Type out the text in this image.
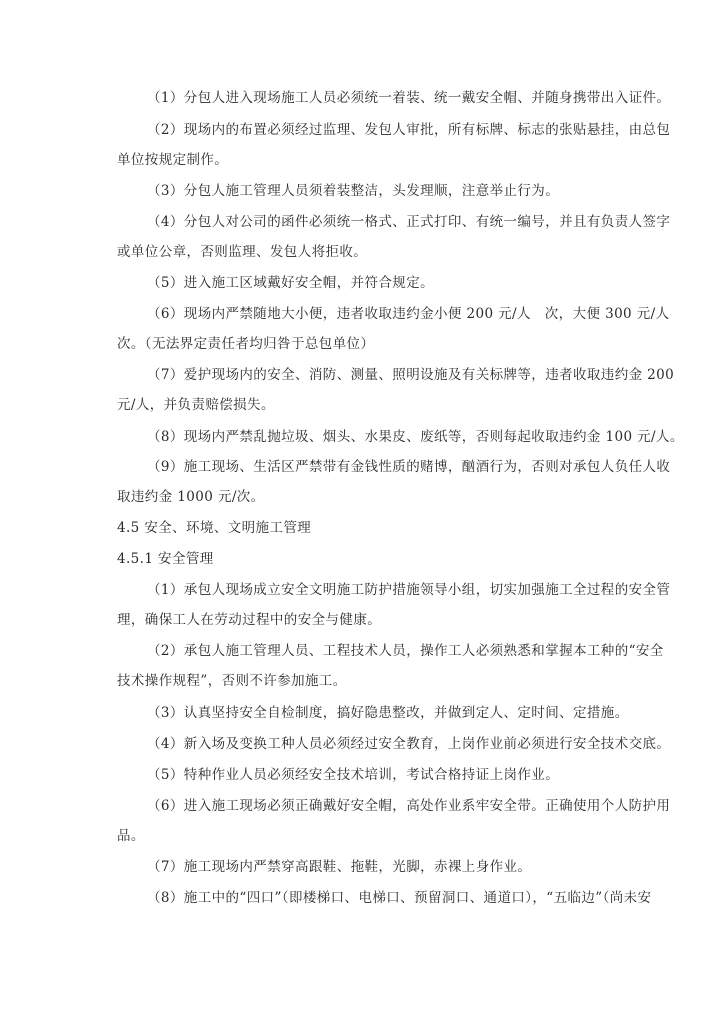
（1）分包人进入现场施工人员必须统一着装、统一戴安全帽、并随身携带出入证件。
（2）现场内的布置必须经过监理、发包人审批，所有标牌、标志的张贴悬挂，由总包
单位按规定制作。
（3）分包人施工管理人员须着装整洁，头发理顺，注意举止行为。
（4）分包人对公司的函件必须统一格式、正式打印、有统一编号，并且有负责人签字
或单位公章，否则监理、发包人将拒收。
（5）进入施工区域戴好安全帽，并符合规定。
（6）现场内严禁随地大小便，违者收取违约金小便 200 元/人　次，大便 300 元/人
次。（无法界定责任者均归咎于总包单位）
（7）爱护现场内的安全、消防、测量、照明设施及有关标牌等，违者收取违约金 200
元/人，并负责赔偿损失。
（8）现场内严禁乱抛垃圾、烟头、水果皮、废纸等，否则每起收取违约金 100 元/人。
（9）施工现场、生活区严禁带有金钱性质的赌博，酗酒行为，否则对承包人负任人收
取违约金 1000 元/次。
4.5 安全、环境、文明施工管理
4.5.1 安全管理
（1）承包人现场成立安全文明施工防护措施领导小组，切实加强施工全过程的安全管
理，确保工人在劳动过程中的安全与健康。
（2）承包人施工管理人员、工程技术人员，操作工人必须熟悉和掌握本工种的“安全
技术操作规程”，否则不许参加施工。
（3）认真坚持安全自检制度，搞好隐患整改，并做到定人、定时间、定措施。
（4）新入场及变换工种人员必须经过安全教育，上岗作业前必须进行安全技术交底。
（5）特种作业人员必须经安全技术培训，考试合格持证上岗作业。
（6）进入施工现场必须正确戴好安全帽，高处作业系牢安全带。正确使用个人防护用
品。
（7）施工现场内严禁穿高跟鞋、拖鞋，光脚，赤裸上身作业。
（8）施工中的“四口”（即楼梯口、电梯口、预留洞口、通道口），“五临边”（尚未安
